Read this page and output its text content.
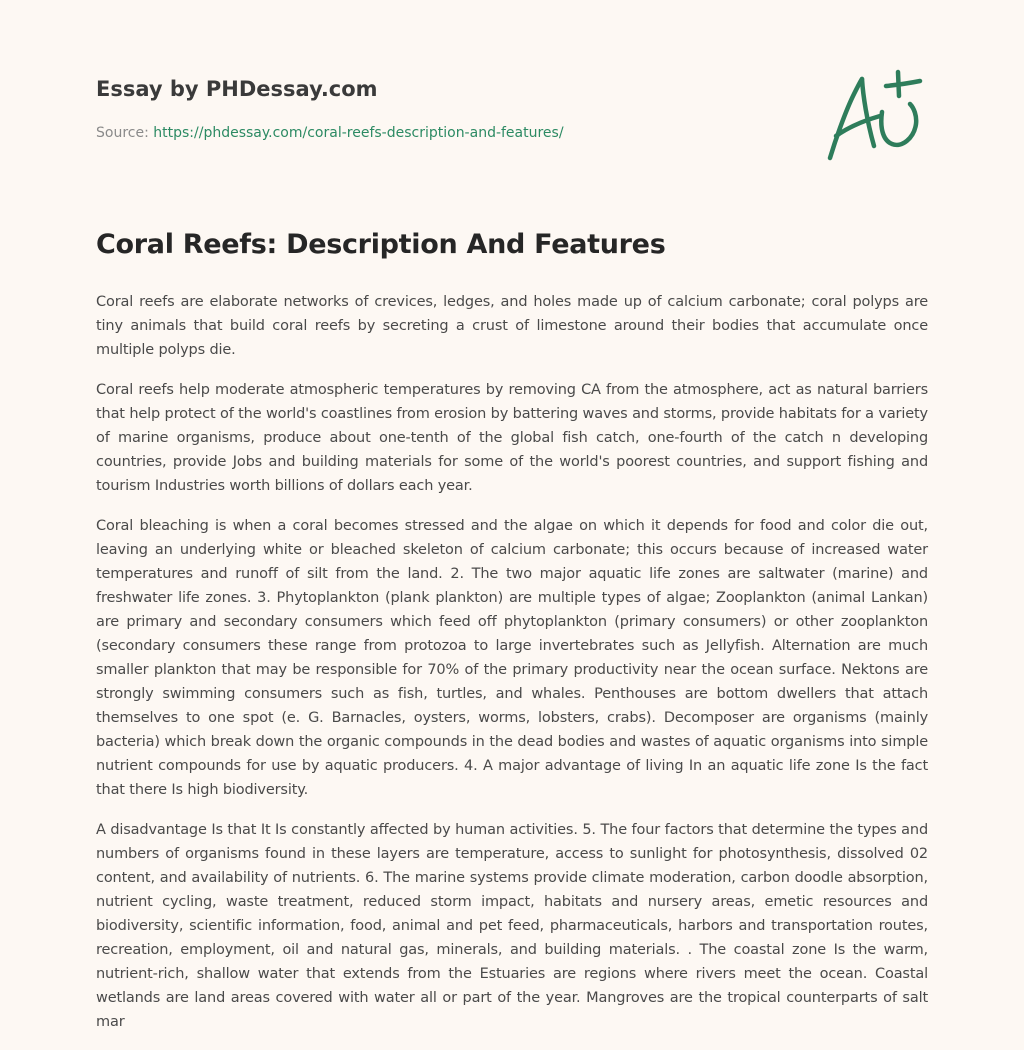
Essay by PHDessay.com
Source: https://phdessay.com/coral-reefs-description-and-features/
Coral Reefs: Description And Features

Coral reefs are elaborate networks of crevices, ledges, and holes made up of calcium carbonate; coral polyps are tiny animals that build coral reefs by secreting a crust of limestone around their bodies that accumulate once multiple polyps die.

Coral reefs help moderate atmospheric temperatures by removing CA from the atmosphere, act as natural barriers that help protect of the world's coastlines from erosion by battering waves and storms, provide habitats for a variety of marine organisms, produce about one-tenth of the global fish catch, one-fourth of the catch n developing countries, provide Jobs and building materials for some of the world's poorest countries, and support fishing and tourism Industries worth billions of dollars each year.

Coral bleaching is when a coral becomes stressed and the algae on which it depends for food and color die out, leaving an underlying white or bleached skeleton of calcium carbonate; this occurs because of increased water temperatures and runoff of silt from the land. 2. The two major aquatic life zones are saltwater (marine) and freshwater life zones. 3. Phytoplankton (plank plankton) are multiple types of algae; Zooplankton (animal Lankan) are primary and secondary consumers which feed off phytoplankton (primary consumers) or other zooplankton (secondary consumers these range from protozoa to large invertebrates such as Jellyfish. Alternation are much smaller plankton that may be responsible for 70% of the primary productivity near the ocean surface. Nektons are strongly swimming consumers such as fish, turtles, and whales. Penthouses are bottom dwellers that attach themselves to one spot (e. G. Barnacles, oysters, worms, lobsters, crabs). Decomposer are organisms (mainly bacteria) which break down the organic compounds in the dead bodies and wastes of aquatic organisms into simple nutrient compounds for use by aquatic producers. 4. A major advantage of living In an aquatic life zone Is the fact that there Is high biodiversity.

A disadvantage Is that It Is constantly affected by human activities. 5. The four factors that determine the types and numbers of organisms found in these layers are temperature, access to sunlight for photosynthesis, dissolved 02 content, and availability of nutrients. 6. The marine systems provide climate moderation, carbon doodle absorption, nutrient cycling, waste treatment, reduced storm impact, habitats and nursery areas, emetic resources and biodiversity, scientific information, food, animal and pet feed, pharmaceuticals, harbors and transportation routes, recreation, employment, oil and natural gas, minerals, and building materials. . The coastal zone Is the warm, nutrient-rich, shallow water that extends from the Estuaries are regions where rivers meet the ocean. Coastal wetlands are land areas covered with water all or part of the year. Mangroves are the tropical counterparts of salt mar
